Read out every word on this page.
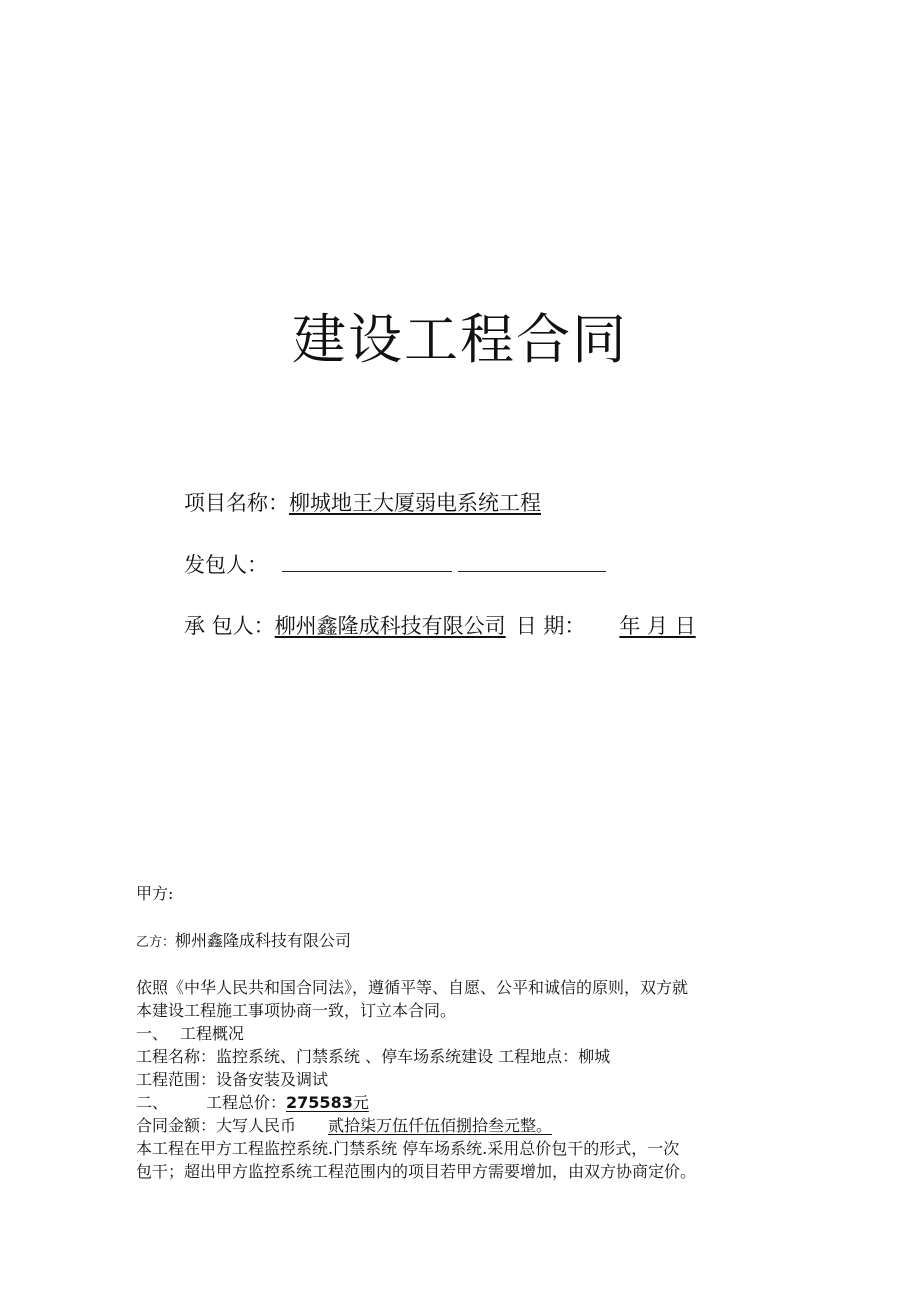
建设工程合同
项目名称：柳城地王大厦弱电系统工程
发包人：
承 包人：柳州鑫隆成科技有限公司 日 期： 年 月 日
甲方:
乙方：柳州鑫隆成科技有限公司
依照《中华人民共和国合同法》，遵循平等、自愿、公平和诚信的原则，双方就
本建设工程施工事项协商一致，订立本合同。
一、 工程概况
工程名称：监控系统、门禁系统 、停车场系统建设 工程地点：柳城
工程范围：设备安装及调试
二、 工程总价：275583元
合同金额：大写人民币 贰拾柒万伍仟伍佰捌拾叁元整。
本工程在甲方工程监控系统.门禁系统 停车场系统.采用总价包干的形式，一次
包干；超出甲方监控系统工程范围内的项目若甲方需要增加，由双方协商定价。
